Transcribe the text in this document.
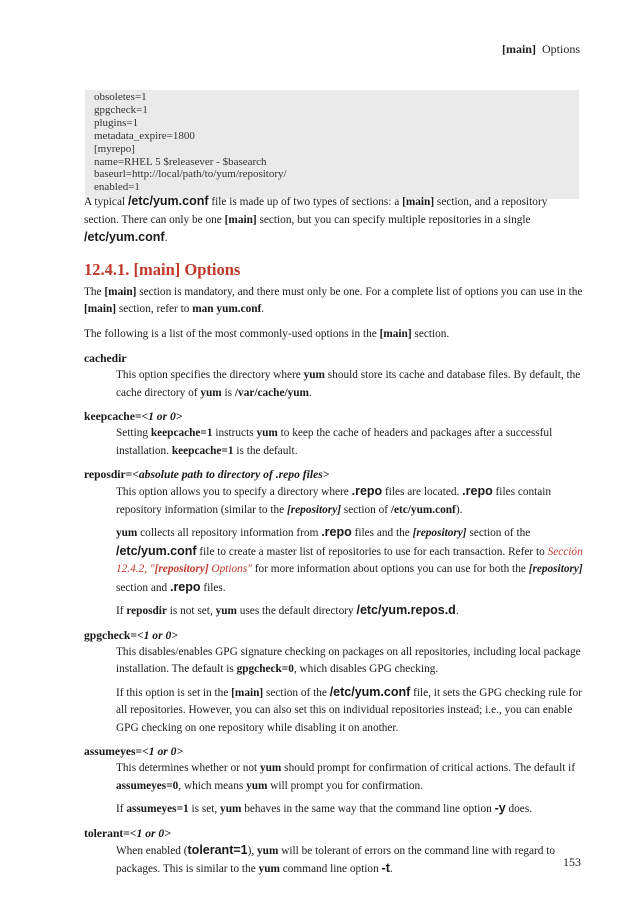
[main] Options
obsoletes=1
gpgcheck=1
plugins=1
metadata_expire=1800
[myrepo]
name=RHEL 5 $releasever - $basearch
baseurl=http://local/path/to/yum/repository/
enabled=1

A typical /etc/yum.conf file is made up of two types of sections: a [main] section, and a repository section. There can only be one [main] section, but you can specify multiple repositories in a single /etc/yum.conf.

12.4.1. [main] Options

The [main] section is mandatory, and there must only be one. For a complete list of options you can use in the [main] section, refer to man yum.conf.

The following is a list of the most commonly-used options in the [main] section.

cachedir

This option specifies the directory where yum should store its cache and database files. By default, the cache directory of yum is /var/cache/yum.

keepcache=<1 or 0>

Setting keepcache=1 instructs yum to keep the cache of headers and packages after a successful installation. keepcache=1 is the default.

reposdir=<absolute path to directory of .repo files>

This option allows you to specify a directory where .repo files are located. .repo files contain repository information (similar to the [repository] section of /etc/yum.conf).

yum collects all repository information from .repo files and the [repository] section of the /etc/yum.conf file to create a master list of repositories to use for each transaction. Refer to Sección 12.4.2, "[repository] Options" for more information about options you can use for both the [repository] section and .repo files.

If reposdir is not set, yum uses the default directory /etc/yum.repos.d.

gpgcheck=<1 or 0>

This disables/enables GPG signature checking on packages on all repositories, including local package installation. The default is gpgcheck=0, which disables GPG checking.

If this option is set in the [main] section of the /etc/yum.conf file, it sets the GPG checking rule for all repositories. However, you can also set this on individual repositories instead; i.e., you can enable GPG checking on one repository while disabling it on another.

assumeyes=<1 or 0>

This determines whether or not yum should prompt for confirmation of critical actions. The default if assumeyes=0, which means yum will prompt you for confirmation.

If assumeyes=1 is set, yum behaves in the same way that the command line option -y does.

tolerant=<1 or 0>

When enabled (tolerant=1), yum will be tolerant of errors on the command line with regard to packages. This is similar to the yum command line option -t.	153
